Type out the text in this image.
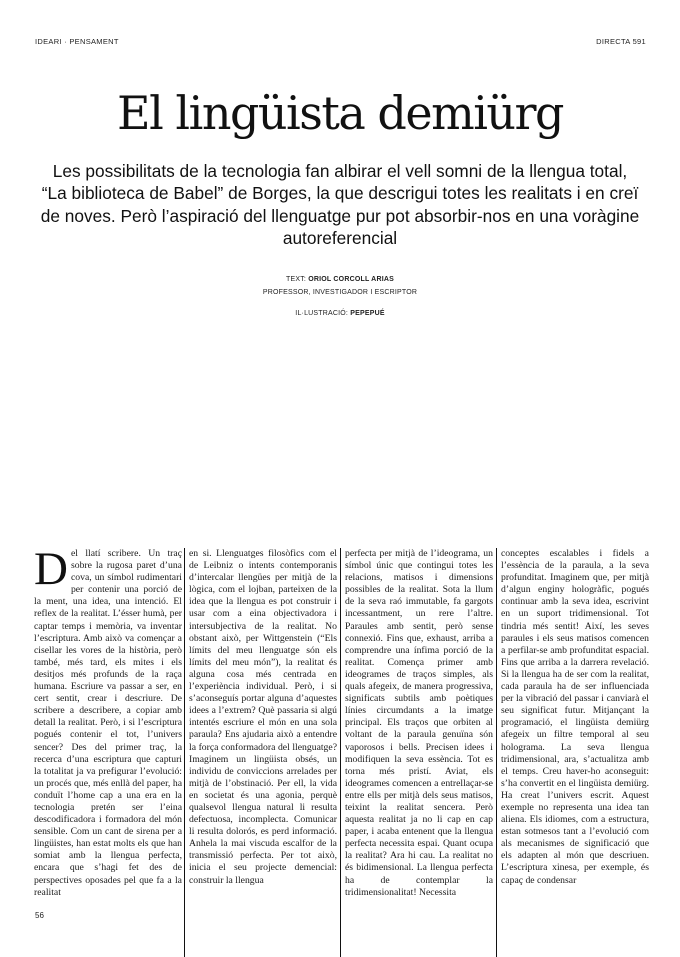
IDEARI · PENSAMENT	DIRECTA 591
El lingüista demiürg

Les possibilitats de la tecnologia fan albirar el vell somni de la llengua total, “La biblioteca de Babel” de Borges, la que descrigui totes les realitats i en creï de noves. Però l’aspiració del llenguatge pur pot absorbir-nos en una voràgine autoreferencial

TEXT: ORIOL CORCOLL ARIAS
PROFESSOR, INVESTIGADOR I ESCRIPTOR
IL·LUSTRACIÓ: PEPEPUÉ
D el llatí scribere. Un traç sobre la rugosa paret d’una cova, un símbol rudimentari per contenir una porció de la ment, una idea, una intenció. El reflex de la realitat. L’ésser humà, per captar temps i memòria, va inventar l’escriptura. Amb això va començar a cisellar les vores de la història, però també, més tard, els mites i els desitjos més profunds de la raça humana. Escriure va passar a ser, en cert sentit, crear i descriure. De scribere a describere, a copiar amb detall la realitat. Però, i si l’escriptura pogués contenir el tot, l’univers sencer? Des del primer traç, la recerca d’una escriptura que capturi la totalitat ja va prefigurar l’evolució: un procés que, més enllà del paper, ha conduït l’home cap a una era en la tecnologia pretén ser l’eina descodificadora i formadora del món sensible. Com un cant de sirena per a lingüistes, han estat molts els que han somiat amb la llengua perfecta, encara que s’hagi fet des de perspectives oposades pel que fa a la realitat

en si. Llenguatges filosòfics com el de Leibniz o intents contemporanis d’intercalar llengües per mitjà de la lògica, com el lojban, parteixen de la idea que la llengua es pot construir i usar com a eina objectivadora i intersubjectiva de la realitat. No obstant això, per Wittgenstein (“Els límits del meu llenguatge són els límits del meu món”), la realitat és alguna cosa més centrada en l’experiència individual. Però, i si s’aconseguís portar alguna d’aquestes idees a l’extrem? Què passaria si algú intentés escriure el món en una sola paraula? Ens ajudaria això a entendre la força conformadora del llenguatge? Imaginem un lingüista obsés, un individu de conviccions arrelades per mitjà de l’obstinació. Per ell, la vida en societat és una agonia, perquè qualsevol llengua natural li resulta defectuosa, incomplecta. Comunicar li resulta dolorós, es perd informació. Anhela la mai viscuda escalfor de la transmissió perfecta. Per tot això, inicia el seu projecte demencial: construir la llengua

perfecta per mitjà de l’ideograma, un símbol únic que contingui totes les relacions, matisos i dimensions possibles de la realitat. Sota la llum de la seva raó immutable, fa gargots incessantment, un rere l’altre. Paraules amb sentit, però sense connexió. Fins que, exhaust, arriba a comprendre una ínfima porció de la realitat. Comença primer amb ideogrames de traços simples, als quals afegeix, de manera progressiva, significats subtils amb poètiques línies circumdants a la imatge principal. Els traços que orbiten al voltant de la paraula genuïna són vaporosos i bells. Precisen idees i modifiquen la seva essència. Tot es torna més pristí. Aviat, els ideogrames comencen a entrellaçar-se entre ells per mitjà dels seus matisos, teixint la realitat sencera. Però aquesta realitat ja no li cap en cap paper, i acaba entenent que la llengua perfecta necessita espai. Quant ocupa la realitat? Ara hi cau. La realitat no és bidimensional. La llengua perfecta ha de contemplar la tridimensionalitat! Necessita

conceptes escalables i fidels a l’essència de la paraula, a la seva profunditat. Imaginem que, per mitjà d’algun enginy hologràfic, pogués continuar amb la seva idea, escrivint en un suport tridimensional. Tot tindria més sentit! Així, les seves paraules i els seus matisos comencen a perfilar-se amb profunditat espacial. Fins que arriba a la darrera revelació. Si la llengua ha de ser com la realitat, cada paraula ha de ser influenciada per la vibració del passar i canviarà el seu significat futur. Mitjançant la programació, el lingüista demiürg afegeix un filtre temporal al seu holograma. La seva llengua tridimensional, ara, s’actualitza amb el temps. Creu haver-ho aconseguit: s’ha convertit en el lingüista demiürg. Ha creat l’univers escrit. Aquest exemple no representa una idea tan aliena. Els idiomes, com a estructura, estan sotmesos tant a l’evolució com als mecanismes de significació que els adapten al món que descriuen. L’escriptura xinesa, per exemple, és capaç de condensar

56
